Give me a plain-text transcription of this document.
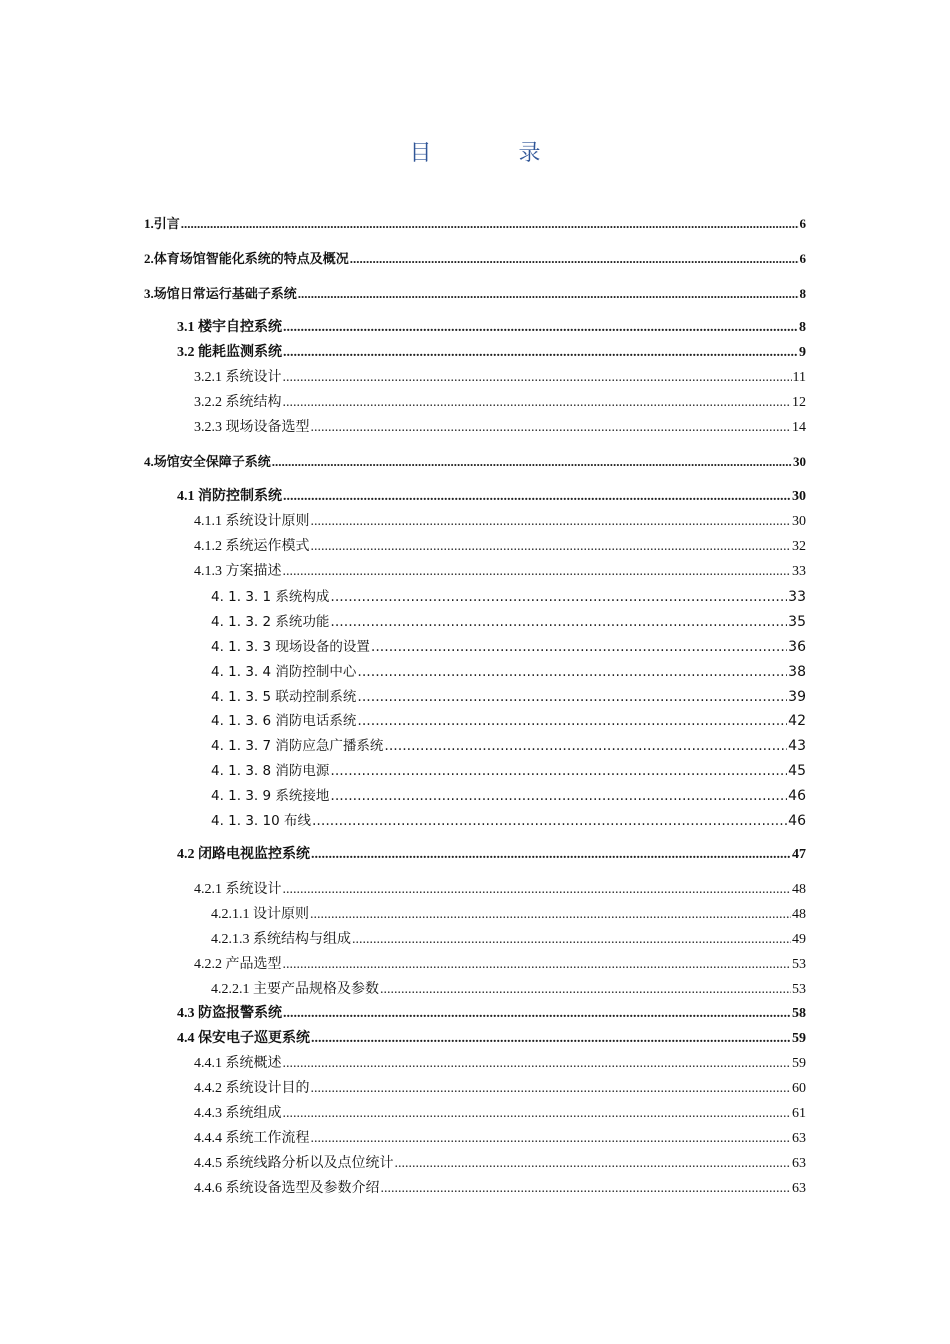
目 录
1.引言 .....	6
2.体育场馆智能化系统的特点及概况 .....	6
3.场馆日常运行基础子系统 .....	8
3.1 楼宇自控系统 .....	8
3.2 能耗监测系统 .....	9
3.2.1 系统设计 .....	11
3.2.2 系统结构 .....	12
3.2.3 现场设备选型 .....	14
4.场馆安全保障子系统 .....	30
4.1 消防控制系统 .....	30
4.1.1 系统设计原则 .....	30
4.1.2 系统运作模式 .....	32
4.1.3 方案描述 .....	33
4. 1. 3. 1 系统构成 .....	33
4. 1. 3. 2 系统功能 .....	35
4. 1. 3. 3 现场设备的设置 .....	36
4. 1. 3. 4 消防控制中心 .....	38
4. 1. 3. 5 联动控制系统 .....	39
4. 1. 3. 6 消防电话系统 .....	42
4. 1. 3. 7 消防应急广播系统 .....	43
4. 1. 3. 8 消防电源 .....	45
4. 1. 3. 9 系统接地 .....	46
4. 1. 3. 10 布线 .....	46
4.2 闭路电视监控系统 .....	47
4.2.1 系统设计 .....	48
4.2.1.1 设计原则 .....	48
4.2.1.3 系统结构与组成 .....	49
4.2.2 产品选型 .....	53
4.2.2.1 主要产品规格及参数 .....	53
4.3 防盗报警系统 .....	58
4.4 保安电子巡更系统 .....	59
4.4.1 系统概述 .....	59
4.4.2 系统设计目的 .....	60
4.4.3 系统组成 .....	61
4.4.4 系统工作流程 .....	63
4.4.5 系统线路分析以及点位统计 .....	63
4.4.6 系统设备选型及参数介绍 .....	63
